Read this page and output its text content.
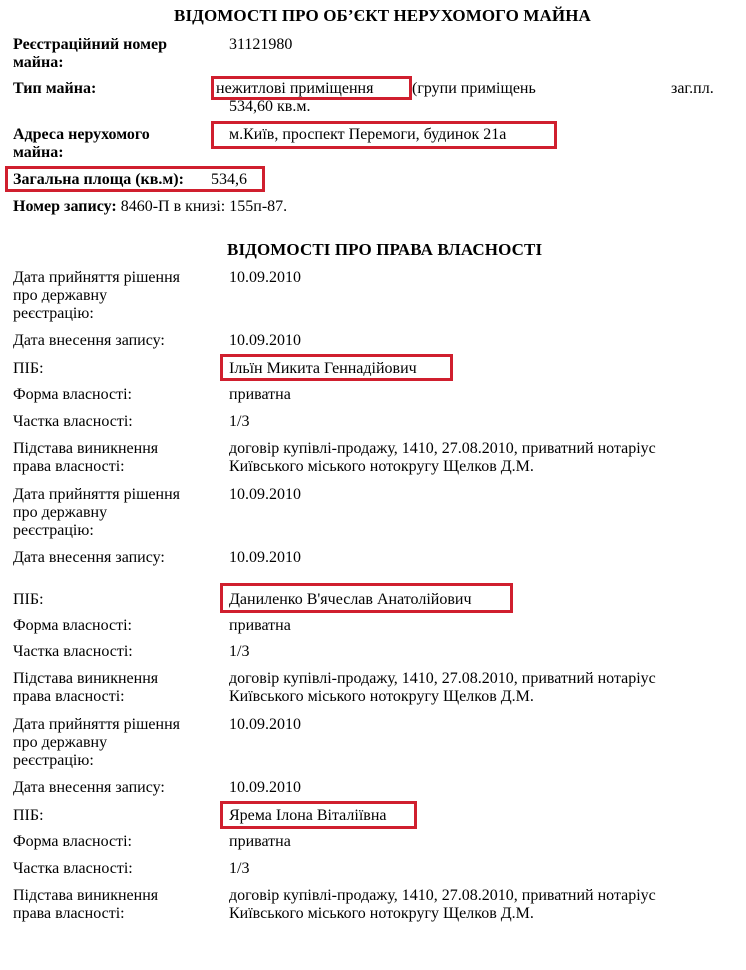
ВІДОМОСТІ ПРО ОБ’ЄКТ НЕРУХОМОГО МАЙНА
Реєстраційний номер
майна:
31121980
Тип майна:	нежитлові приміщення (групи приміщень	заг.пл.
534,60 кв.м.
Адреса нерухомого
майна:
м.Київ, проспект Перемоги, будинок 21а
Загальна площа (кв.м): 534,6
Номер запису: 8460-П в книзі: 155п-87.
ВІДОМОСТІ ПРО ПРАВА ВЛАСНОСТІ
Дата прийняття рішення
про державну
реєстрацію:
10.09.2010
Дата внесення запису:	10.09.2010
ПІБ:	Ільїн Микита Геннадійович
Форма власності:	приватна
Частка власності:	1/3
Підстава виникнення
права власності:
договір купівлі-продажу, 1410, 27.08.2010, приватний нотаріус
Київського міського нотокругу Щелков Д.М.
Дата прийняття рішення
про державну
реєстрацію:
10.09.2010
Дата внесення запису:	10.09.2010
ПІБ:	Даниленко В'ячеслав Анатолійович
Форма власності:	приватна
Частка власності:	1/3
Підстава виникнення
права власності:
договір купівлі-продажу, 1410, 27.08.2010, приватний нотаріус
Київського міського нотокругу Щелков Д.М.
Дата прийняття рішення
про державну
реєстрацію:
10.09.2010
Дата внесення запису:	10.09.2010
ПІБ:	Ярема Ілона Віталіївна
Форма власності:	приватна
Частка власності:	1/3
Підстава виникнення
права власності:
договір купівлі-продажу, 1410, 27.08.2010, приватний нотаріус
Київського міського нотокругу Щелков Д.М.
